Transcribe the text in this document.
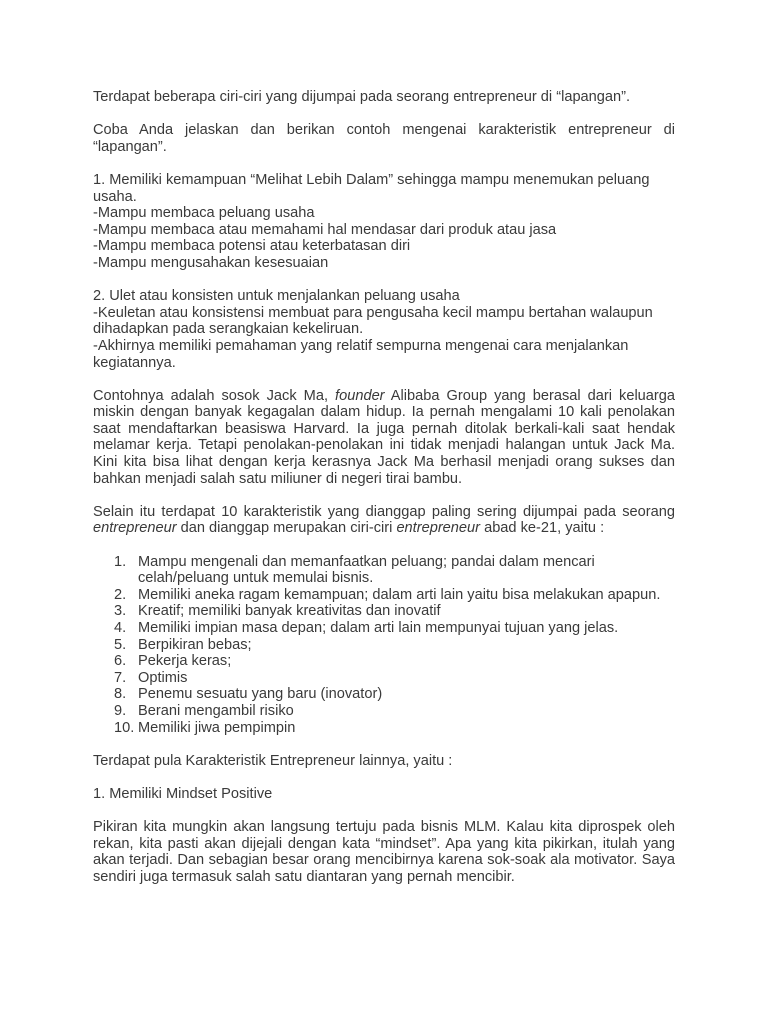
Terdapat beberapa ciri-ciri yang dijumpai pada seorang entrepreneur di “lapangan”.

Coba Anda jelaskan dan berikan contoh mengenai karakteristik entrepreneur di “lapangan”.

1. Memiliki kemampuan “Melihat Lebih Dalam” sehingga mampu menemukan peluang usaha.

-Mampu membaca peluang usaha

-Mampu membaca atau memahami hal mendasar dari produk atau jasa

-Mampu membaca potensi atau keterbatasan diri

-Mampu mengusahakan kesesuaian

2. Ulet atau konsisten untuk menjalankan peluang usaha

-Keuletan atau konsistensi membuat para pengusaha kecil mampu bertahan walaupun dihadapkan pada serangkaian kekeliruan.

-Akhirnya memiliki pemahaman yang relatif sempurna mengenai cara menjalankan kegiatannya.

Contohnya adalah sosok Jack Ma, founder Alibaba Group yang berasal dari keluarga miskin dengan banyak kegagalan dalam hidup. Ia pernah mengalami 10 kali penolakan saat mendaftarkan beasiswa Harvard. Ia juga pernah ditolak berkali-kali saat hendak melamar kerja. Tetapi penolakan-penolakan ini tidak menjadi halangan untuk Jack Ma. Kini kita bisa lihat dengan kerja kerasnya Jack Ma berhasil menjadi orang sukses dan bahkan menjadi salah satu miliuner di negeri tirai bambu.

Selain itu terdapat 10 karakteristik yang dianggap paling sering dijumpai pada seorang entrepreneur dan dianggap merupakan ciri-ciri entrepreneur abad ke-21, yaitu :

1. Mampu mengenali dan memanfaatkan peluang; pandai dalam mencari celah/peluang untuk memulai bisnis.
2. Memiliki aneka ragam kemampuan; dalam arti lain yaitu bisa melakukan apapun.
3. Kreatif; memiliki banyak kreativitas dan inovatif
4. Memiliki impian masa depan; dalam arti lain mempunyai tujuan yang jelas.
5. Berpikiran bebas;
6. Pekerja keras;
7. Optimis
8. Penemu sesuatu yang baru (inovator)
9. Berani mengambil risiko
10. Memiliki jiwa pempimpin

Terdapat pula Karakteristik Entrepreneur lainnya, yaitu :

1. Memiliki Mindset Positive

Pikiran kita mungkin akan langsung tertuju pada bisnis MLM. Kalau kita diprospek oleh rekan, kita pasti akan dijejali dengan kata “mindset”. Apa yang kita pikirkan, itulah yang akan terjadi. Dan sebagian besar orang mencibirnya karena sok-soak ala motivator. Saya sendiri juga termasuk salah satu diantaran yang pernah mencibir.
